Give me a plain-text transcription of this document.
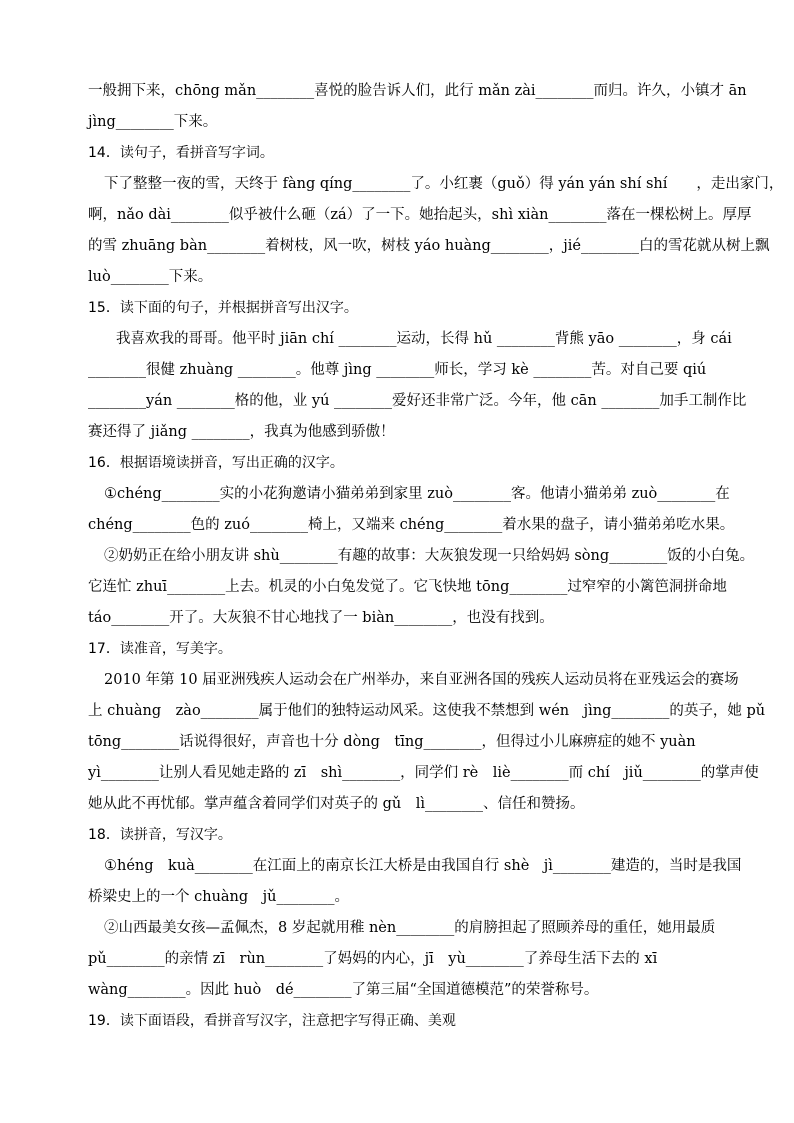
一般拥下来，chōng mǎn________喜悦的脸告诉人们，此行 mǎn zài________而归。许久，小镇才 ān
jìng________下来。
14．读句子，看拼音写字词。
下了整整一夜的雪，天终于 fàng qíng________了。小红裹（guǒ）得 yán yán shí shí　　，走出家门，
啊，nǎo dài________似乎被什么砸（zá）了一下。她抬起头，shì xiàn________落在一棵松树上。厚厚
的雪 zhuāng bàn________着树枝，风一吹，树枝 yáo huàng________，jié________白的雪花就从树上飘
luò________下来。
15．读下面的句子，并根据拼音写出汉字。
我喜欢我的哥哥。他平时 jiān chí ________运动，长得 hǔ ________背熊 yāo ________，身 cái
________很健 zhuàng ________。他尊 jìng ________师长，学习 kè ________苦。对自己要 qiú
________yán ________格的他，业 yú ________爱好还非常广泛。今年，他 cān ________加手工制作比
赛还得了 jiǎng ________，我真为他感到骄傲！
16．根据语境读拼音，写出正确的汉字。
①chéng________实的小花狗邀请小猫弟弟到家里 zuò________客。他请小猫弟弟 zuò________在
chéng________色的 zuó________椅上，又端来 chéng________着水果的盘子，请小猫弟弟吃水果。
②奶奶正在给小朋友讲 shù________有趣的故事：大灰狼发现一只给妈妈 sòng________饭的小白兔。
它连忙 zhuī________上去。机灵的小白兔发觉了。它飞快地 tōng________过窄窄的小篱笆洞拼命地
táo________开了。大灰狼不甘心地找了一 biàn________，也没有找到。
17．读准音，写美字。
2010 年第 10 届亚洲残疾人运动会在广州举办，来自亚洲各国的残疾人运动员将在亚残运会的赛场
上 chuàng　zào________属于他们的独特运动风采。这使我不禁想到 wén　jìng________的英子，她 pǔ
tōng________话说得很好，声音也十分 dòng　tīng________，但得过小儿麻痹症的她不 yuàn
yì________让别人看见她走路的 zī　shì________，同学们 rè　liè________而 chí　jiǔ________的掌声使
她从此不再忧郁。掌声蕴含着同学们对英子的 gǔ　lì________、信任和赞扬。
18．读拼音，写汉字。
①héng　kuà________在江面上的南京长江大桥是由我国自行 shè　jì________建造的，当时是我国
桥梁史上的一个 chuàng　jǔ________。
②山西最美女孩—孟佩杰，8 岁起就用稚 nèn________的肩膀担起了照顾养母的重任，她用最质
pǔ________的亲情 zī　rùn________了妈妈的内心，jī　yù________了养母生活下去的 xī
wàng________。因此 huò　dé________了第三届“全国道德模范”的荣誉称号。
19．读下面语段，看拼音写汉字，注意把字写得正确、美观
